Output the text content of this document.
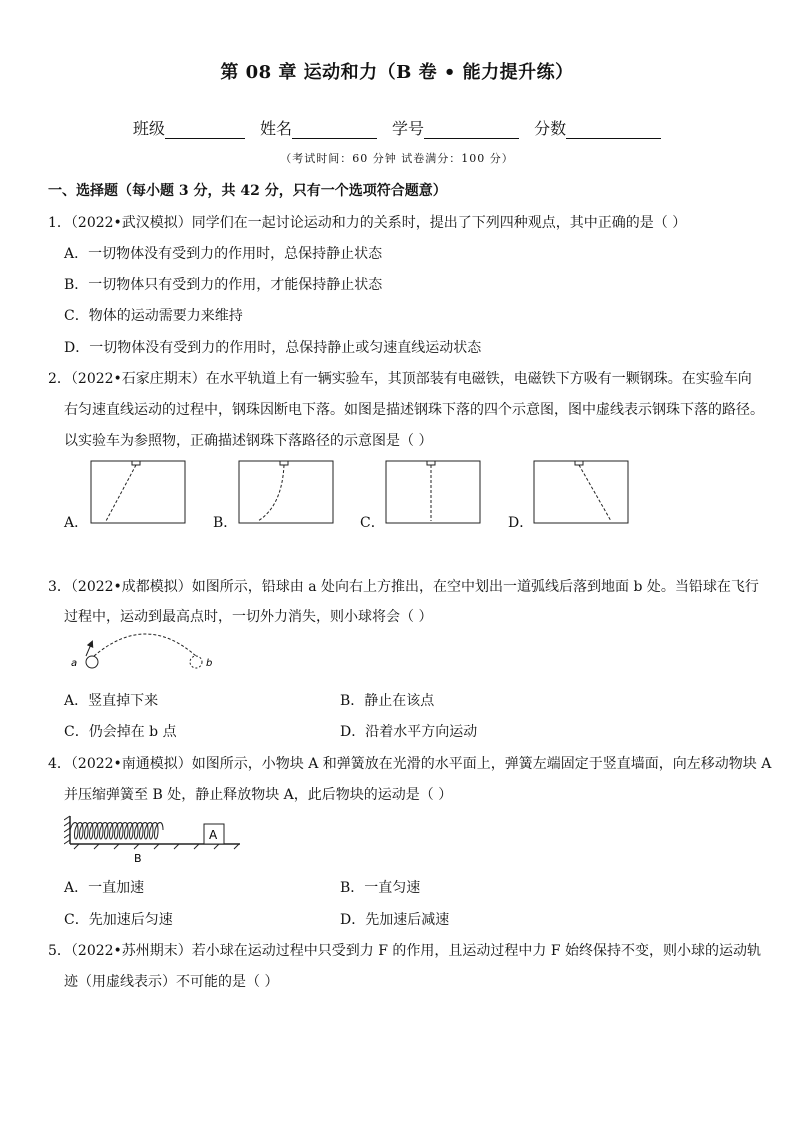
第 08 章 运动和力（B 卷 • 能力提升练）
班级	姓名	学号	分数
（考试时间：60 分钟 试卷满分：100 分）
一、选择题（每小题 3 分，共 42 分，只有一个选项符合题意）
1．（2022•武汉模拟）同学们在一起讨论运动和力的关系时，提出了下列四种观点，其中正确的是（ ）
A．一切物体没有受到力的作用时，总保持静止状态
B．一切物体只有受到力的作用，才能保持静止状态
C．物体的运动需要力来维持
D．一切物体没有受到力的作用时，总保持静止或匀速直线运动状态
2．（2022•石家庄期末）在水平轨道上有一辆实验车，其顶部装有电磁铁，电磁铁下方吸有一颗钢珠。在实验车向
右匀速直线运动的过程中，钢珠因断电下落。如图是描述钢珠下落的四个示意图，图中虚线表示钢珠下落的路径。
以实验车为参照物，正确描述钢珠下落路径的示意图是（ ）
A．	B．	C．	D．
3．（2022•成都模拟）如图所示，铅球由 a 处向右上方推出，在空中划出一道弧线后落到地面 b 处。当铅球在飞行
过程中，运动到最高点时，一切外力消失，则小球将会（ ）
a	b
A．竖直掉下来	B．静止在该点
C．仍会掉在 b 点	D．沿着水平方向运动
4．（2022•南通模拟）如图所示，小物块 A 和弹簧放在光滑的水平面上，弹簧左端固定于竖直墙面，向左移动物块 A
并压缩弹簧至 B 处，静止释放物块 A，此后物块的运动是（ ）
A
B
A．一直加速	B．一直匀速
C．先加速后匀速	D．先加速后减速
5．（2022•苏州期末）若小球在运动过程中只受到力 F 的作用，且运动过程中力 F 始终保持不变，则小球的运动轨
迹（用虚线表示）不可能的是（ ）
